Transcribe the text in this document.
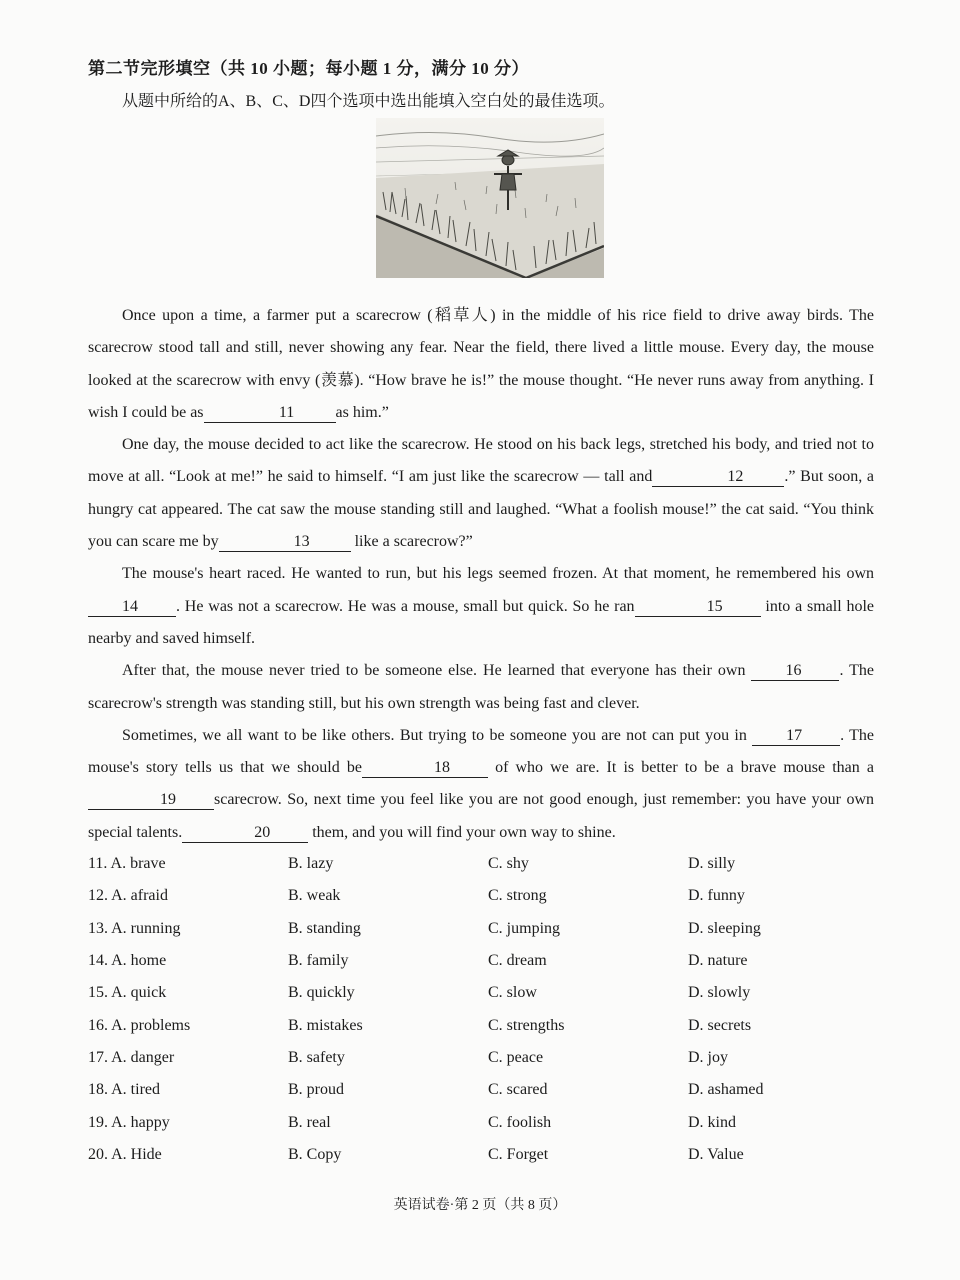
第二节完形填空（共 10 小题；每小题 1 分，满分 10 分）
从题中所给的A、B、C、D四个选项中选出能填入空白处的最佳选项。

Once upon a time, a farmer put a scarecrow (稻草人) in the middle of his rice field to drive away birds. The scarecrow stood tall and still, never showing any fear. Near the field, there lived a little mouse. Every day, the mouse looked at the scarecrow with envy (羡慕). “How brave he is!” the mouse thought. “He never runs away from anything. I wish I could be as	11	as him.”

One day, the mouse decided to act like the scarecrow. He stood on his back legs, stretched his body, and tried not to move at all. “Look at me!” he said to himself. “I am just like the scarecrow — tall and	12	.” But soon, a hungry cat appeared. The cat saw the mouse standing still and laughed. “What a foolish mouse!” the cat said. “You think you can scare me by	13	like a scarecrow?”

The mouse's heart raced. He wanted to run, but his legs seemed frozen. At that moment, he remembered his own 14 . He was not a scarecrow. He was a mouse, small but quick. So he ran	15	into a small hole nearby and saved himself.

After that, the mouse never tried to be someone else. He learned that everyone has their own 16 . The scarecrow's strength was standing still, but his own strength was being fast and clever.

Sometimes, we all want to be like others. But trying to be someone you are not can put you in 17 . The mouse's story tells us that we should be	18	of who we are. It is better to be a brave mouse than a 19 scarecrow. So, next time you feel like you are not good enough, just remember: you have your own special talents.	20	them, and you will find your own way to shine.

11. A. brave	B. lazy	C. shy	D. silly
12. A. afraid	B. weak	C. strong	D. funny
13. A. running	B. standing	C. jumping	D. sleeping
14. A. home	B. family	C. dream	D. nature
15. A. quick	B. quickly	C. slow	D. slowly
16. A. problems	B. mistakes	C. strengths	D. secrets
17. A. danger	B. safety	C. peace	D. joy
18. A. tired	B. proud	C. scared	D. ashamed
19. A. happy	B. real	C. foolish	D. kind
20. A. Hide	B. Copy	C. Forget	D. Value
英语试卷·第 2 页（共 8 页）
